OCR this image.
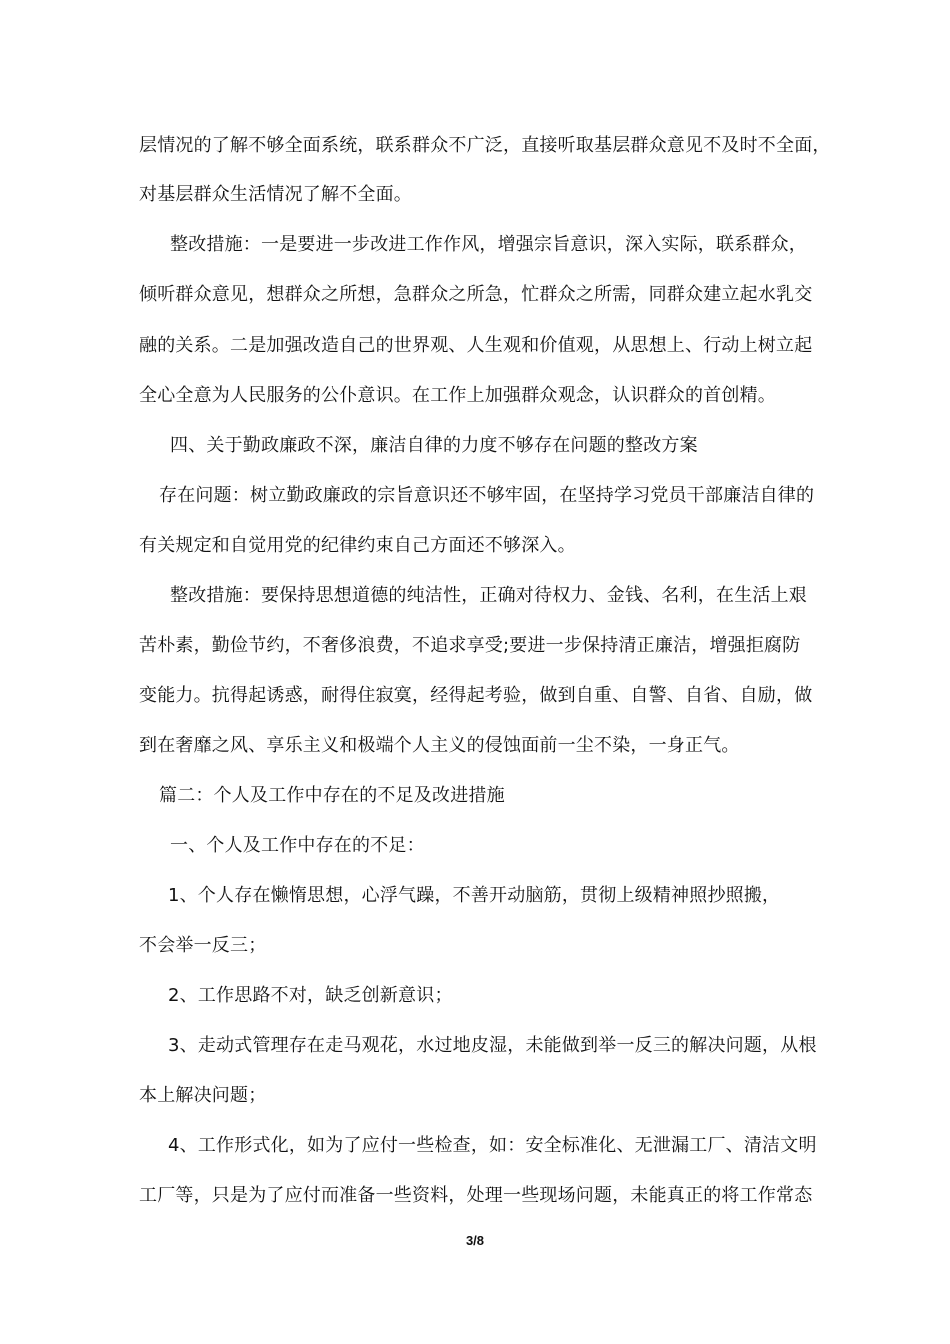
层情况的了解不够全面系统，联系群众不广泛，直接听取基层群众意见不及时不全面，
对基层群众生活情况了解不全面。
整改措施：一是要进一步改进工作作风，增强宗旨意识，深入实际，联系群众，
倾听群众意见，想群众之所想，急群众之所急，忙群众之所需，同群众建立起水乳交
融的关系。二是加强改造自己的世界观、人生观和价值观，从思想上、行动上树立起
全心全意为人民服务的公仆意识。在工作上加强群众观念，认识群众的首创精。
四、关于勤政廉政不深，廉洁自律的力度不够存在问题的整改方案
存在问题：树立勤政廉政的宗旨意识还不够牢固，在坚持学习党员干部廉洁自律的
有关规定和自觉用党的纪律约束自己方面还不够深入。
整改措施：要保持思想道德的纯洁性，正确对待权力、金钱、名利，在生活上艰
苦朴素，勤俭节约，不奢侈浪费，不追求享受;要进一步保持清正廉洁，增强拒腐防
变能力。抗得起诱惑，耐得住寂寞，经得起考验，做到自重、自警、自省、自励，做
到在奢靡之风、享乐主义和极端个人主义的侵蚀面前一尘不染，一身正气。
篇二：个人及工作中存在的不足及改进措施
一、个人及工作中存在的不足：
1、个人存在懒惰思想，心浮气躁，不善开动脑筋，贯彻上级精神照抄照搬，
不会举一反三；
2、工作思路不对，缺乏创新意识；
3、走动式管理存在走马观花，水过地皮湿，未能做到举一反三的解决问题，从根
本上解决问题；
4、工作形式化，如为了应付一些检查，如：安全标准化、无泄漏工厂、清洁文明
工厂等，只是为了应付而准备一些资料，处理一些现场问题，未能真正的将工作常态
3/8
